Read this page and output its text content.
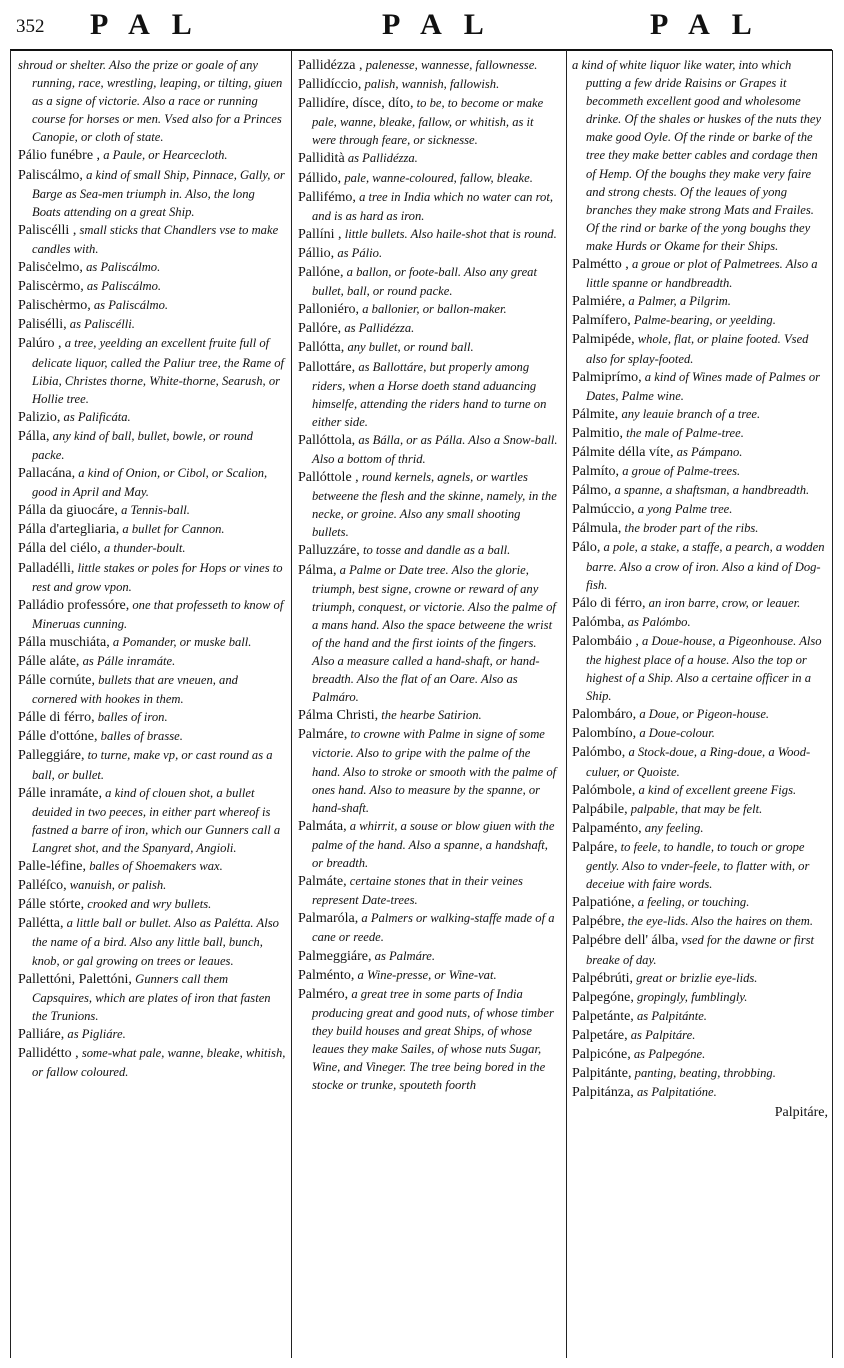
352 PAL	PAL	PAL

shroud or shelter. Also the prize or goale of any running, race, wrestling, leaping, or tilting, giuen as a signe of victorie. Also a race or running course for horses or men. Vsed also for a Princes Canopie, or cloth of state.

Pálio funébre , a Paule, or Hearcecloth.

Paliscálmo, a kind of small Ship, Pinnace, Gally, or Barge as Sea-men triumph in. Also, the long Boats attending on a great Ship.

Paliscélli , small sticks that Chandlers vse to make candles with.

Palisċelmo, as Paliscálmo.

Paliscėrmo, as Paliscálmo.

Palischėrmo, as Paliscálmo.

Palisélli, as Paliscélli.

Palúro , a tree, yeelding an excellent fruite full of delicate liquor, called the Paliur tree, the Rame of Libia, Christes thorne, White-thorne, Searush, or Hollie tree.

Palizio, as Palificáta.

Pálla, any kind of ball, bullet, bowle, or round packe.

Pallacána, a kind of Onion, or Cibol, or Scalion, good in April and May.

Pálla da giuocáre, a Tennis-ball.

Pálla d'artegliaria, a bullet for Cannon.

Pálla del ciélo, a thunder-boult.

Palladélli, little stakes or poles for Hops or vines to rest and grow vpon.

Palládio professóre, one that professeth to know of Mineruas cunning.

Pálla muschiáta, a Pomander, or muske ball.

Pálle aláte, as Pálle inramáte.

Pálle cornúte, bullets that are vneuen, and cornered with hookes in them.

Pálle di férro, balles of iron.

Pálle d'ottóne, balles of brasse.

Palleggiáre, to turne, make vp, or cast round as a ball, or bullet.

Pálle inramáte, a kind of clouen shot, a bullet deuided in two peeces, in either part whereof is fastned a barre of iron, which our Gunners call a Langret shot, and the Spanyard, Angioli.

Palle-léfine, balles of Shoemakers wax.

Palléſco, wanuish, or palish.

Pálle stórte, crooked and wry bullets.

Pallétta, a little ball or bullet. Also as Palétta. Also the name of a bird. Also any little ball, bunch, knob, or gal growing on trees or leaues.

Pallettóni, Palettóni, Gunners call them Capsquires, which are plates of iron that fasten the Trunions.

Palliáre, as Pigliáre.

Pallidétto , some-what pale, wanne, bleake, whitish, or fallow coloured.

Pallidézza , palenesse, wannesse, fallownesse.

Pallidíccio, palish, wannish, fallowish.

Pallidíre, dísce, díto, to be, to become or make pale, wanne, bleake, fallow, or whitish, as it were through feare, or sicknesse.

Pallidità as Pallidézza.

Pállido, pale, wanne-coloured, fallow, bleake.

Pallifémo, a tree in India which no water can rot, and is as hard as iron.

Pallíni , little bullets. Also haile-shot that is round.

Pállio, as Pálio.

Pallóne, a ballon, or foote-ball. Also any great bullet, ball, or round packe.

Palloniéro, a ballonier, or ballon-maker.

Pallóre, as Pallidézza.

Pallótta, any bullet, or round ball.

Pallottáre, as Ballottáre, but properly among riders, when a Horse doeth stand aduancing himselfe, attending the riders hand to turne on either side.

Pallóttola, as Bálla, or as Pálla. Also a Snow-ball. Also a bottom of thrid.

Pallóttole , round kernels, agnels, or wartles betweene the flesh and the skinne, namely, in the necke, or groine. Also any small shooting bullets.

Palluzzáre, to tosse and dandle as a ball.

Pálma, a Palme or Date tree. Also the glorie, triumph, best signe, crowne or reward of any triumph, conquest, or victorie. Also the palme of a mans hand. Also the space betweene the wrist of the hand and the first ioints of the fingers. Also a measure called a hand-shaft, or hand-breadth. Also the flat of an Oare. Also as Palmáro.

Pálma Christi, the hearbe Satirion.

Palmáre, to crowne with Palme in signe of some victorie. Also to gripe with the palme of the hand. Also to stroke or smooth with the palme of ones hand. Also to measure by the spanne, or hand-shaft.

Palmáta, a whirrit, a souse or blow giuen with the palme of the hand. Also a spanne, a handshaft, or breadth.

Palmáte, certaine stones that in their veines represent Date-trees.

Palmaróla, a Palmers or walking-staffe made of a cane or reede.

Palmeggiáre, as Palmáre.

Palménto, a Wine-presse, or Wine-vat.

Palméro, a great tree in some parts of India producing great and good nuts, of whose timber they build houses and great Ships, of whose leaues they make Sailes, of whose nuts Sugar, Wine, and Vineger. The tree being bored in the stocke or trunke, spouteth foorth

a kind of white liquor like water, into which putting a few dride Raisins or Grapes it becommeth excellent good and wholesome drinke. Of the shales or huskes of the nuts they make good Oyle. Of the rinde or barke of the tree they make better cables and cordage then of Hemp. Of the boughs they make very faire and strong chests. Of the leaues of yong branches they make strong Mats and Frailes. Of the rind or barke of the yong boughs they make Hurds or Okame for their Ships.

Palmétto , a groue or plot of Palmetrees. Also a little spanne or handbreadth.

Palmiére, a Palmer, a Pilgrim.

Palmífero, Palme-bearing, or yeelding.

Palmipéde, whole, flat, or plaine footed. Vsed also for splay-footed.

Palmiprímo, a kind of Wines made of Palmes or Dates, Palme wine.

Pálmite, any leauie branch of a tree.

Palmitio, the male of Palme-tree.

Pálmite délla víte, as Pámpano.

Palmíto, a groue of Palme-trees.

Pálmo, a spanne, a shaftsman, a handbreadth.

Palmúccio, a yong Palme tree.

Pálmula, the broder part of the ribs.

Pálo, a pole, a stake, a staffe, a pearch, a wodden barre. Also a crow of iron. Also a kind of Dog-fish.

Pálo di férro, an iron barre, crow, or leauer.

Palómba, as Palómbo.

Palombáio , a Doue-house, a Pigeonhouse. Also the highest place of a house. Also the top or highest of a Ship. Also a certaine officer in a Ship.

Palombáro, a Doue, or Pigeon-house.

Palombíno, a Doue-colour.

Palómbo, a Stock-doue, a Ring-doue, a Wood-culuer, or Quoiste.

Palómbole, a kind of excellent greene Figs.

Palpábile, palpable, that may be felt.

Palpaménto, any feeling.

Palpáre, to feele, to handle, to touch or grope gently. Also to vnder-feele, to flatter with, or deceiue with faire words.

Palpatióne, a feeling, or touching.

Palpébre, the eye-lids. Also the haires on them.

Palpébre dell' álba, vsed for the dawne or first breake of day.

Palpébrúti, great or brizlie eye-lids.

Palpegóne, gropingly, fumblingly.

Palpetánte, as Palpitánte.

Palpetáre, as Palpitáre.

Palpicóne, as Palpegóne.

Palpitánte, panting, beating, throbbing.

Palpitánza, as Palpitatióne.

Palpitáre,
